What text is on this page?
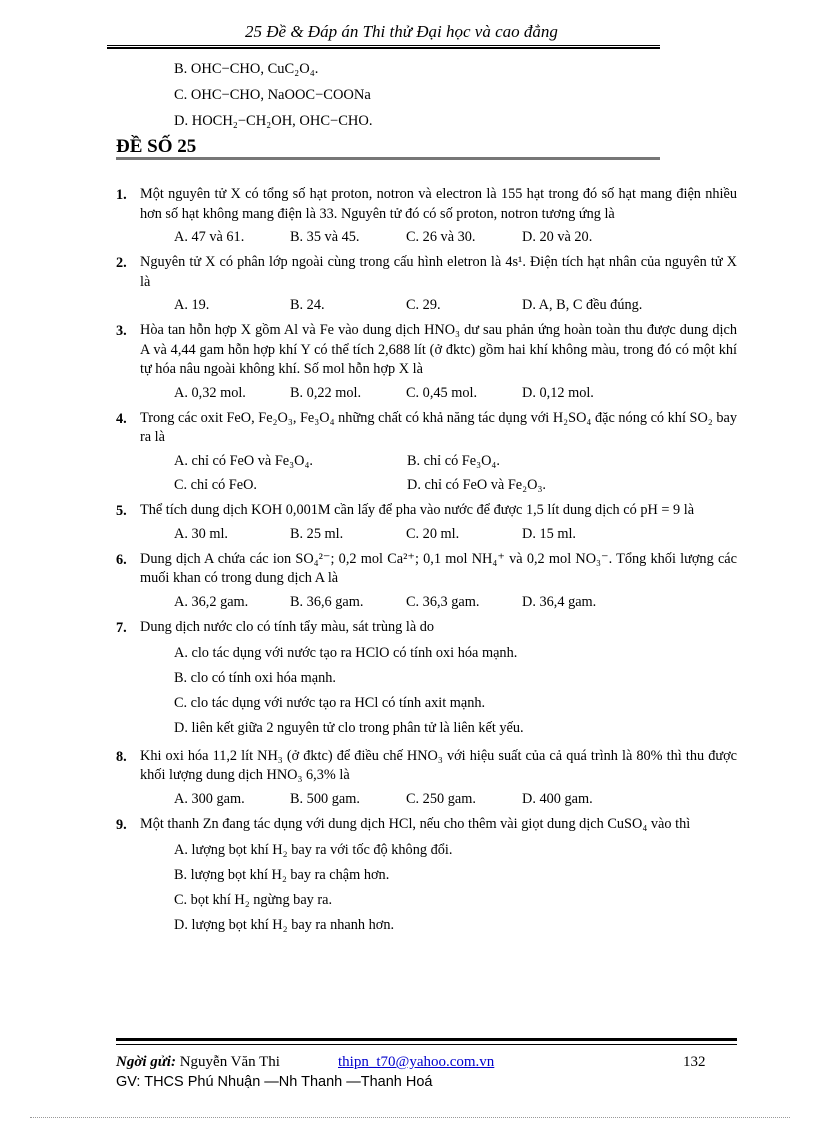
25 Đề & Đáp án Thi thử Đại học và cao đẳng
B. OHC−CHO, CuC₂O₄.
C. OHC−CHO, NaOOC−COONa
D. HOCH₂−CH₂OH, OHC−CHO.
ĐỀ SỐ 25
1. Một nguyên tử X có tổng số hạt proton, notron và electron là 155 hạt trong đó số hạt mang điện nhiều hơn số hạt không mang điện là 33. Nguyên tử đó có số proton, notron tương ứng là
A. 47 và 61.	B. 35 và 45.	C. 26 và 30.	D. 20 và 20.
2. Nguyên tử X có phân lớp ngoài cùng trong cấu hình eletron là 4s¹. Điện tích hạt nhân của nguyên tử X là
A. 19.	B. 24.	C. 29.	D. A, B, C đều đúng.
3. Hòa tan hỗn hợp X gồm Al và Fe vào dung dịch HNO₃ dư sau phản ứng hoàn toàn thu được dung dịch A và 4,44 gam hỗn hợp khí Y có thể tích 2,688 lít (ở đktc) gồm hai khí không màu, trong đó có một khí tự hóa nâu ngoài không khí. Số mol hỗn hợp X là
A. 0,32 mol.	B. 0,22 mol.	C. 0,45 mol.	D. 0,12 mol.
4. Trong các oxit FeO, Fe₂O₃, Fe₃O₄ những chất có khả năng tác dụng với H₂SO₄ đặc nóng có khí SO₂ bay ra là
A. chỉ có FeO và Fe₃O₄.	B. chỉ có Fe₃O₄.
C. chỉ có FeO.	D. chỉ có FeO và Fe₂O₃.
5. Thể tích dung dịch KOH 0,001M cần lấy để pha vào nước để được 1,5 lít dung dịch có pH = 9 là
A. 30 ml.	B. 25 ml.	C. 20 ml.	D. 15 ml.
6. Dung dịch A chứa các ion SO₄²⁻; 0,2 mol Ca²⁺; 0,1 mol NH₄⁺ và 0,2 mol NO₃⁻. Tổng khối lượng các muối khan có trong dung dịch A là
A. 36,2 gam.	B. 36,6 gam.	C. 36,3 gam.	D. 36,4 gam.
7. Dung dịch nước clo có tính tẩy màu, sát trùng là do
A. clo tác dụng với nước tạo ra HClO có tính oxi hóa mạnh.
B. clo có tính oxi hóa mạnh.
C. clo tác dụng với nước tạo ra HCl có tính axit mạnh.
D. liên kết giữa 2 nguyên tử clo trong phân tử là liên kết yếu.
8. Khi oxi hóa 11,2 lít NH₃ (ở đktc) để điều chế HNO₃ với hiệu suất của cả quá trình là 80% thì thu được khối lượng dung dịch HNO₃ 6,3% là
A. 300 gam.	B. 500 gam.	C. 250 gam.	D. 400 gam.
9. Một thanh Zn đang tác dụng với dung dịch HCl, nếu cho thêm vài giọt dung dịch CuSO₄ vào thì
A. lượng bọt khí H₂ bay ra với tốc độ không đổi.
B. lượng bọt khí H₂ bay ra chậm hơn.
C. bọt khí H₂ ngừng bay ra.
D. lượng bọt khí H₂ bay ra nhanh hơn.
Ngời gửi: Nguyễn Văn Thi	thipn_t70@yahoo.com.vn	132
GV: THCS Phú Nhuận —Nh Thanh —Thanh Hoá
